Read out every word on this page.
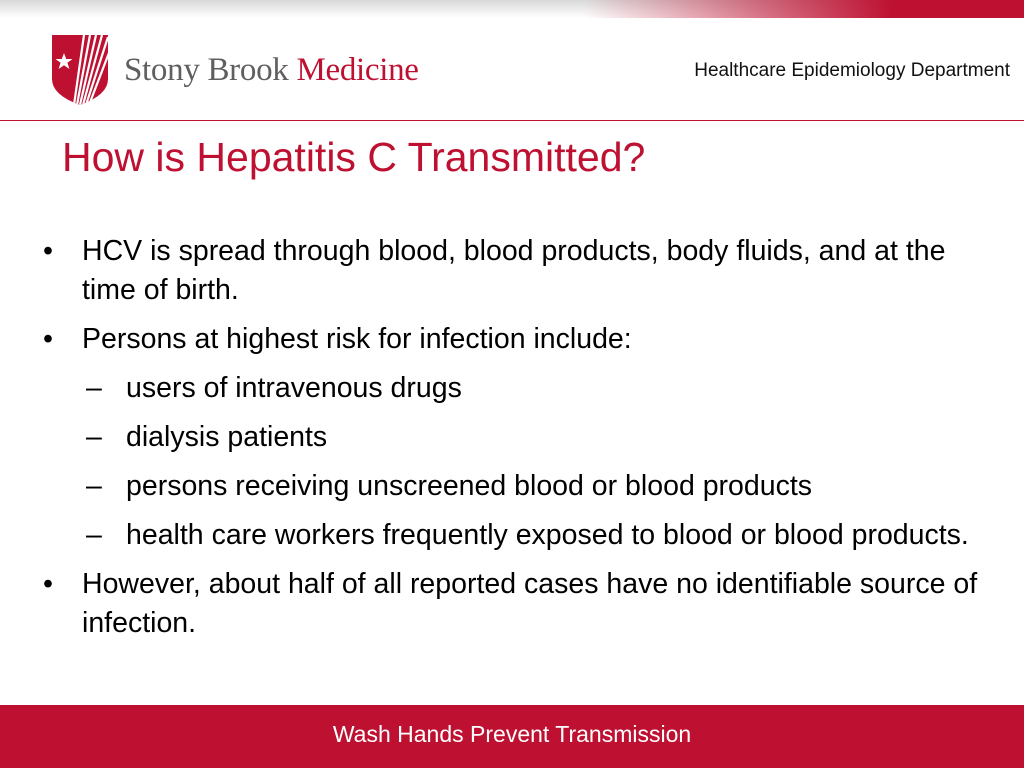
Stony Brook Medicine	Healthcare Epidemiology Department
How is Hepatitis C Transmitted?
• HCV is spread through blood, blood products, body fluids, and at the time of birth.
• Persons at highest risk for infection include:
– users of intravenous drugs
– dialysis patients
– persons receiving unscreened blood or blood products
– health care workers frequently exposed to blood or blood products.
• However, about half of all reported cases have no identifiable source of infection.
Wash Hands Prevent Transmission
